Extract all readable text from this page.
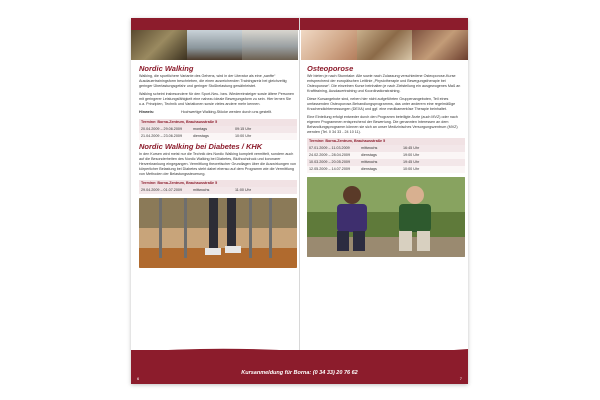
Nordic Walking

Walking, die sportlichere Variante des Gehens, wird in der Literatur als eine „sanfte“ Ausdauertrainingsform beschrieben, die einen ausreichenden Trainingsreiz bei gleichzeitig geringer Überlastungsgefahr und geringer Stoßbelastung gewährleistet.

Walking scheint insbesondere für den Sport-Neu- bzw. Wiedereinsteiger sowie ältere Personen mit geringerer Leistungsfähigkeit eine nahezu ideale Bewegungsform zu sein. Hier lernen Sie u.a. Prinzipien, Technik und Variationen sowie vieles andere mehr kennen.

Hinweis:	Hochwertige Walking-Stöcke werden durch uns gestellt.
Termine: Borna-Zentrum, Brauhausstraße 5
20.04.2009 – 29.06.2009	montags	09:15 Uhr
21.04.2009 – 23.06.2009	dienstags	10:00 Uhr
Nordic Walking bei Diabetes / KHK

In den Kursen wird meist nur die Technik des Nordic Walking komplett vermittelt, sondern auch auf die Besonderheiten des Nordic Walking bei Diabetes, Bluthochdruck und koronarer Herzerkrankung eingegangen. Vermittlung theoretischer Grundlagen über die Auswirkungen von körperlicher Belastung bei Diabetes steht dabei ebenso auf dem Programm wie die Vermittlung von Methoden der Belastungssteuerung.

Termine: Borna-Zentrum, Brauhausstraße 5
29.04.2009 – 01.07.2009	mittwochs	11:00 Uhr
Osteoporose

Wir bieten je nach Stunntake: Alle sowie nach Zulassung verschiedene Osteoporose-Kurse entsprechend der europäischen Leitlinie „Physiotherapie und Bewegungstherapie bei Osteoporose“. Die einzelnen Kurse beinhalten je nach Zielstellung ein ausgewogenes Maß an Krafttraining, Ausdauertraining und Koordinationstraining.

Diese Kursangebote sind, neben hier nicht aufgeführten Gruppenangeboten, Teil eines umfassenden Osteoporose-Behandlungsprogramms, das unter anderem eine regelmäßige Knochendichtemessungen (DEXA) und ggf. eine medikamentöse Therapie beinhaltet.

Eine Einteilung erfolgt entweder durch den Programm beteiligte Ärzte (auch MVZ) oder nach eigenen Programmen entsprechend der Bewertung. Die genannten Interessen an dem Behandlungsprogramm können sie sich an unser Medizinisches Versorgungszentrum (MVZ) wenden (Tel. 0 34 33 - 24 10 11).

Termine: Borna-Zentrum, Brauhausstraße 5
07.01.2009 – 11.03.2009	mittwochs	16:45 Uhr
24.02.2009 – 28.04.2009	dienstags	19:00 Uhr
10.03.2009 – 20.05.2009	mittwochs	19:45 Uhr
12.05.2009 – 14.07.2009	dienstags	10:00 Uhr
Kursanmeldung für Borna: (0 34 33) 20 76 62
6	7
